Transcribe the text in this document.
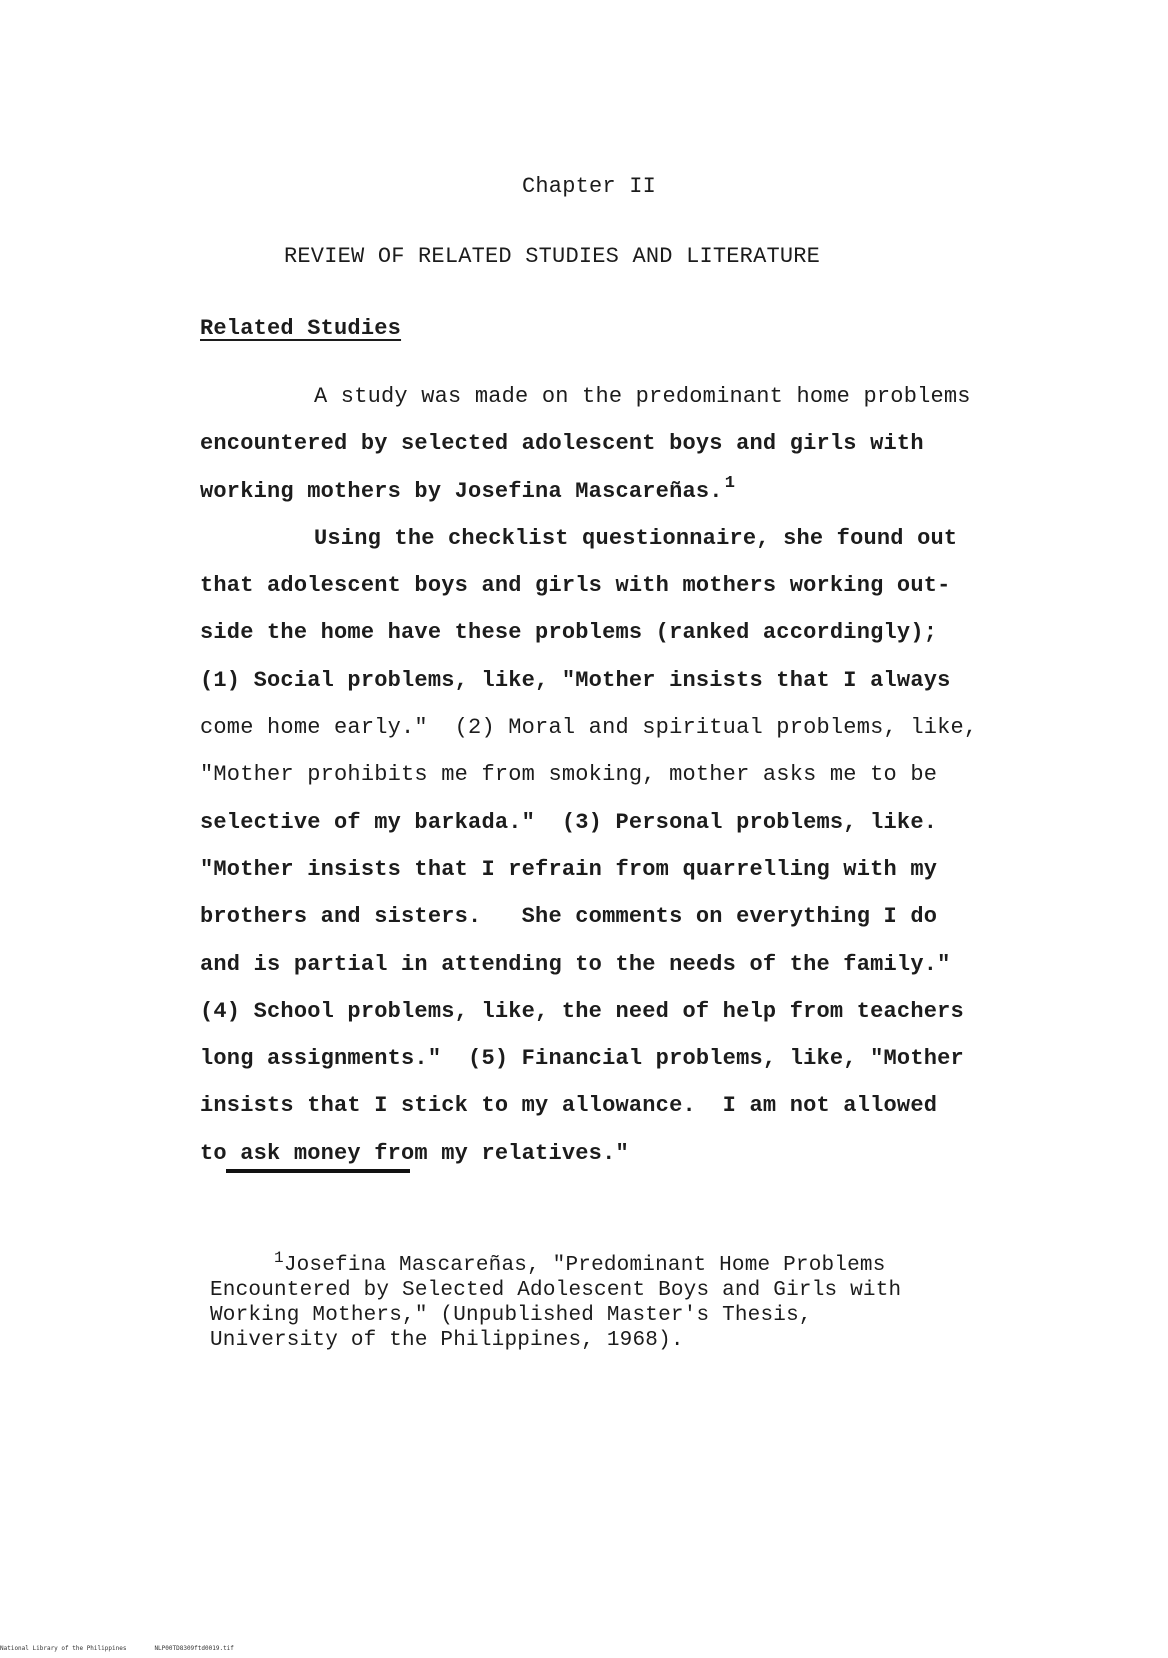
Chapter II
REVIEW OF RELATED STUDIES AND LITERATURE
Related Studies
A study was made on the predominant home problems
encountered by selected adolescent boys and girls with
working mothers by Josefina Mascareñas. $^1$
Using the checklist questionnaire, she found out
that adolescent boys and girls with mothers working out-
side the home have these problems (ranked accordingly);
(1) Social problems, like, "Mother insists that I always
come home early."  (2) Moral and spiritual problems, like,
"Mother prohibits me from smoking, mother asks me to be
selective of my barkada."  (3) Personal problems, like.
"Mother insists that I refrain from quarrelling with my
brothers and sisters.   She comments on everything I do
and is partial in attending to the needs of the family."
(4) School problems, like, the need of help from teachers
long assignments."  (5) Financial problems, like, "Mother
insists that I stick to my allowance.  I am not allowed
to ask money from my relatives."
$^1$Josefina Mascareñas, "Predominant Home Problems
Encountered by Selected Adolescent Boys and Girls with
Working Mothers," (Unpublished Master's Thesis,
University of the Philippines, 1968).
National Library of the Philippines	NLP00TD8309ftd0019.tif
